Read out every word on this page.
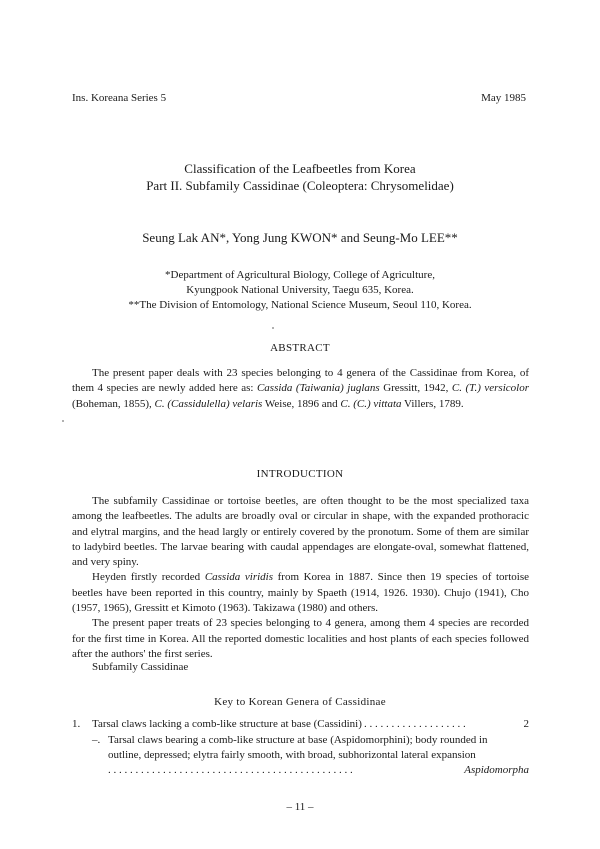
Ins. Koreana Series 5	May 1985
Classification of the Leafbeetles from Korea
Part II. Subfamily Cassidinae (Coleoptera: Chrysomelidae)
Seung Lak AN*, Yong Jung KWON* and Seung-Mo LEE**
*Department of Agricultural Biology, College of Agriculture,
Kyungpook National University, Taegu 635, Korea.
**The Division of Entomology, National Science Museum, Seoul 110, Korea.
ABSTRACT

The present paper deals with 23 species belonging to 4 genera of the Cassidinae from Korea, of them 4 species are newly added here as: Cassida (Taiwania) juglans Gressitt, 1942, C. (T.) versicolor (Boheman, 1855), C. (Cassidulella) velaris Weise, 1896 and C. (C.) vittata Villers, 1789.

INTRODUCTION

The subfamily Cassidinae or tortoise beetles, are often thought to be the most specialized taxa among the leafbeetles. The adults are broadly oval or circular in shape, with the expanded prothoracic and elytral margins, and the head largly or entirely covered by the pronotum. Some of them are similar to ladybird beetles. The larvae bearing with caudal appendages are elongate-oval, somewhat flattened, and very spiny.

Heyden firstly recorded Cassida viridis from Korea in 1887. Since then 19 species of tortoise beetles have been reported in this country, mainly by Spaeth (1914, 1926. 1930). Chujo (1941), Cho (1957, 1965), Gressitt et Kimoto (1963). Takizawa (1980) and others.

The present paper treats of 23 species belonging to 4 genera, among them 4 species are recorded for the first time in Korea. All the reported domestic localities and host plants of each species followed after the authors' the first series.

Subfamily Cassidinae
Key to Korean Genera of Cassidinae
1. Tarsal claws lacking a comb-like structure at base (Cassidini) . . . . . . . . . . . . . . . . . . .	2
–. Tarsal claws bearing a comb-like structure at base (Aspidomorphini); body rounded in
outline, depressed; elytra fairly smooth, with broad, subhorizontal lateral expansion
. . . . . . . . . . . . . . . . . . . . . . . . . . . . . . . . . . . . . . . . . . . . .	Aspidomorpha
– 11 –
